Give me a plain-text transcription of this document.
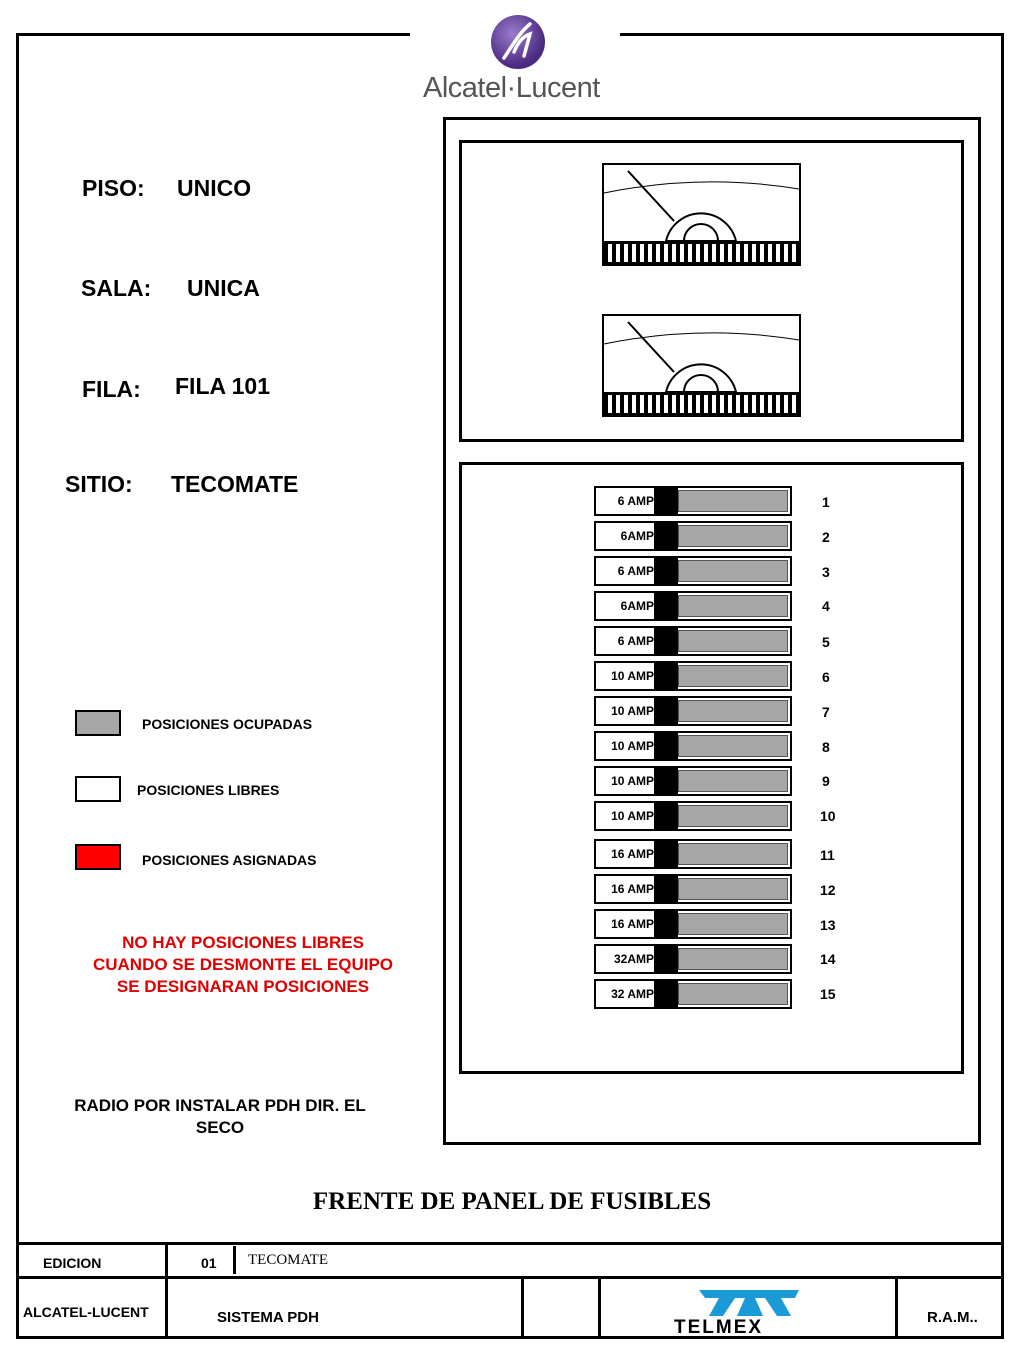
Alcatel·Lucent
PISO: UNICO
SALA: UNICA
FILA: FILA 101
SITIO: TECOMATE
POSICIONES OCUPADAS
POSICIONES LIBRES
POSICIONES ASIGNADAS
NO HAY POSICIONES LIBRES
CUANDO SE DESMONTE EL EQUIPO
SE DESIGNARAN POSICIONES
RADIO POR INSTALAR PDH DIR. EL
SECO
6 AMP	1
6AMP	2
6 AMP	3
6AMP	4
6 AMP	5
10 AMP	6
10 AMP	7
10 AMP	8
10 AMP	9
10 AMP	10
16 AMP	11
16 AMP	12
16 AMP	13
32AMP	14
32 AMP	15
FRENTE DE PANEL DE FUSIBLES
EDICION	01 TECOMATE
ALCATEL-LUCENT	SISTEMA PDH	R.A.M..
TELMEX
